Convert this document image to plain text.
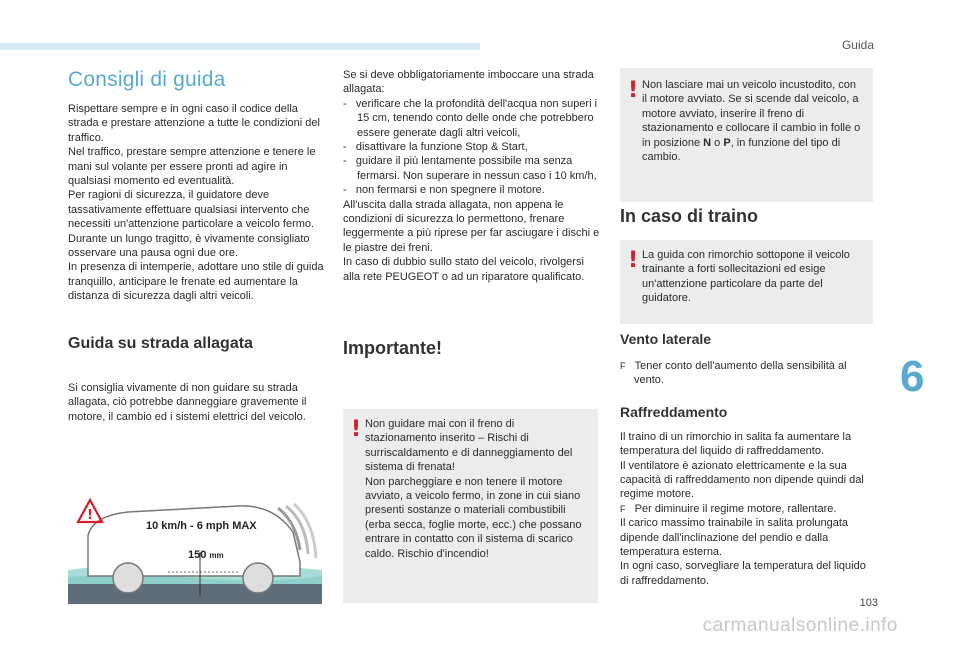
Guida
Consigli di guida

Rispettare sempre e in ogni caso il codice della strada e prestare attenzione a tutte le condizioni del traffico.

Nel traffico, prestare sempre attenzione e tenere le mani sul volante per essere pronti ad agire in qualsiasi momento ed eventualità.

Per ragioni di sicurezza, il guidatore deve tassativamente effettuare qualsiasi intervento che necessiti un'attenzione particolare a veicolo fermo.

Durante un lungo tragitto, è vivamente consigliato osservare una pausa ogni due ore.

In presenza di intemperie, adottare uno stile di guida tranquillo, anticipare le frenate ed aumentare la distanza di sicurezza dagli altri veicoli.

Guida su strada allagata

Si consiglia vivamente di non guidare su strada allagata, ciò potrebbe danneggiare gravemente il motore, il cambio ed i sistemi elettrici del veicolo.

!
10 km/h - 6 mph MAX
150 mm

Se si deve obbligatoriamente imboccare una strada allagata:

- verificare che la profondità dell'acqua non superi i 15 cm, tenendo conto delle onde che potrebbero essere generate dagli altri veicoli,

- disattivare la funzione Stop & Start,

- guidare il più lentamente possibile ma senza fermarsi. Non superare in nessun caso i 10 km/h,

- non fermarsi e non spegnere il motore.

All'uscita dalla strada allagata, non appena le condizioni di sicurezza lo permettono, frenare leggermente a più riprese per far asciugare i dischi e le piastre dei freni.

In caso di dubbio sullo stato del veicolo, rivolgersi alla rete PEUGEOT o ad un riparatore qualificato.

Importante!
! Non guidare mai con il freno di stazionamento inserito – Rischi di surriscaldamento e di danneggiamento del sistema di frenata!
Non parcheggiare e non tenere il motore avviato, a veicolo fermo, in zone in cui siano presenti sostanze o materiali combustibili (erba secca, foglie morte, ecc.) che possano entrare in contatto con il sistema di scarico caldo. Rischio d'incendio!
! Non lasciare mai un veicolo incustodito, con il motore avviato. Se si scende dal veicolo, a motore avviato, inserire il freno di stazionamento e collocare il cambio in folle o in posizione N o P, in funzione del tipo di cambio.
In caso di traino
! La guida con rimorchio sottopone il veicolo trainante a forti sollecitazioni ed esige un'attenzione particolare da parte del guidatore.
Vento laterale

F Tener conto dell'aumento della sensibilità al vento.

Raffreddamento

Il traino di un rimorchio in salita fa aumentare la temperatura del liquido di raffreddamento.

Il ventilatore è azionato elettricamente e la sua capacità di raffreddamento non dipende quindi dal regime motore.

F Per diminuire il regime motore, rallentare.

Il carico massimo trainabile in salita prolungata dipende dall'inclinazione del pendio e dalla temperatura esterna.

In ogni caso, sorvegliare la temperatura del liquido di raffreddamento.

6
103
carmanualsonline.info
